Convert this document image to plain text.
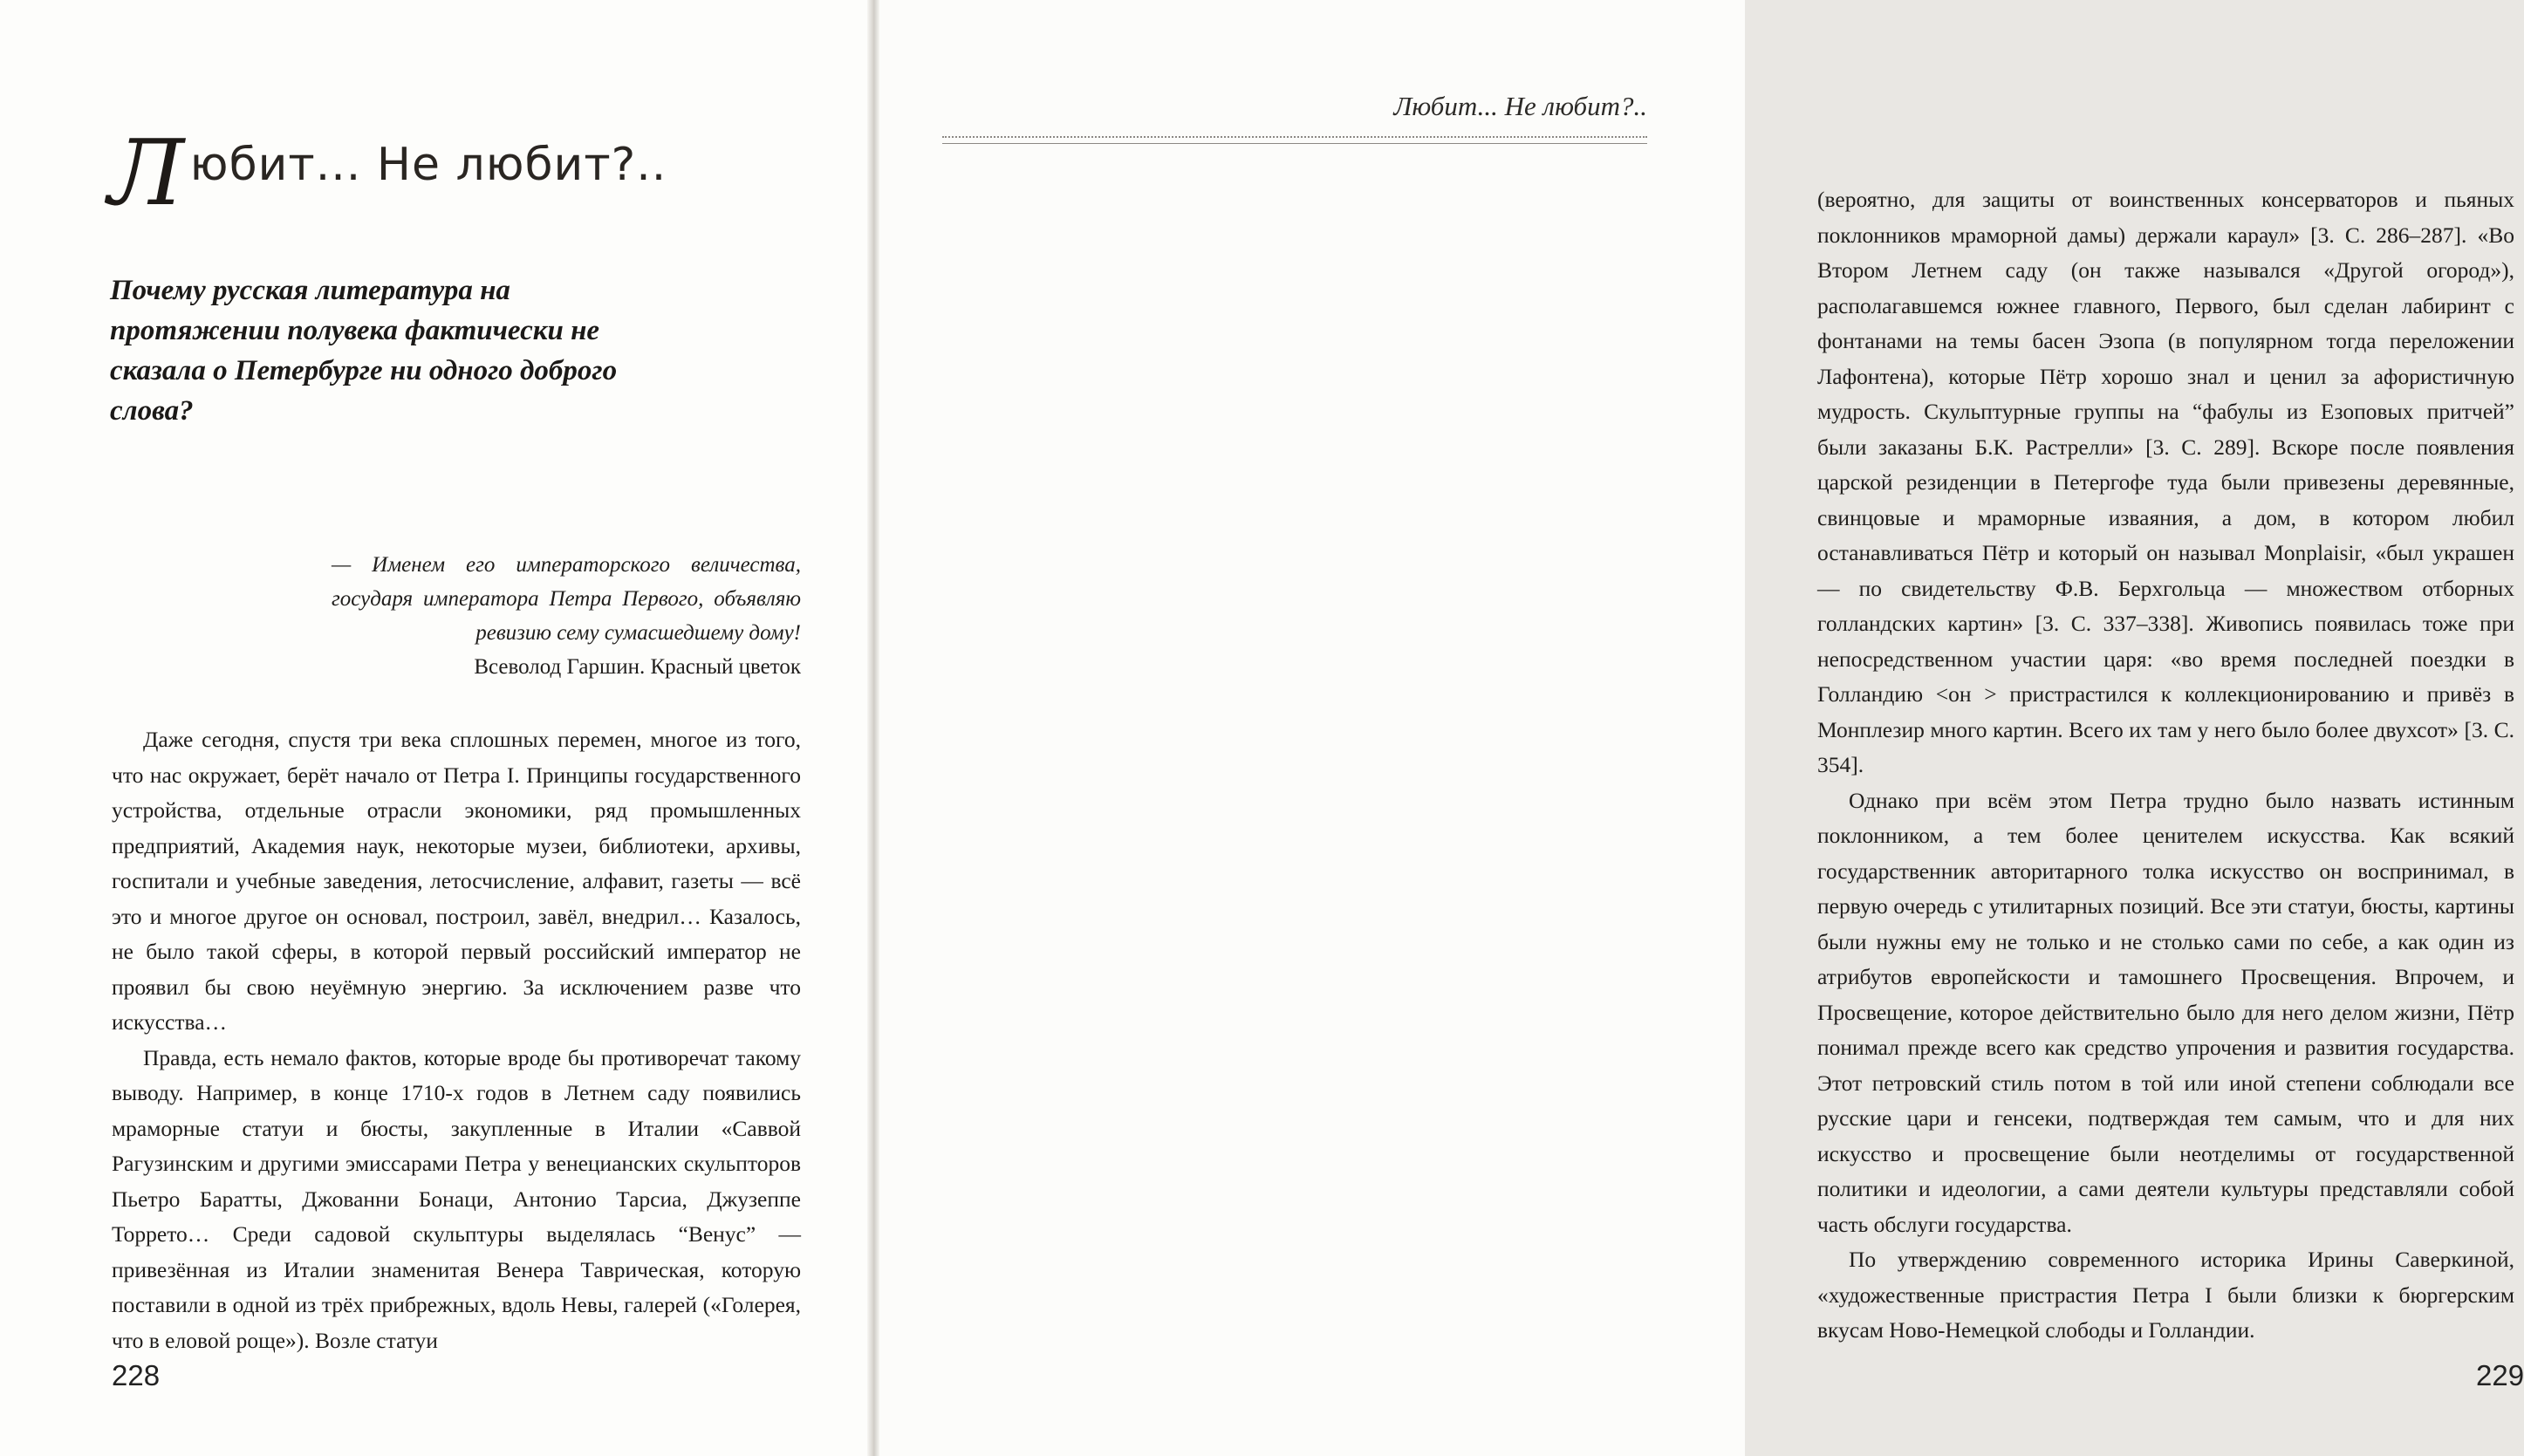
Любит... Не любит?..
Почему русская литература на протяжении полувека фактически не сказала о Петербурге ни одного доброго слова?
— Именем его императорского величества, государя императора Петра Первого, объявляю ревизию сему сумасшедшему дому!
Всеволод Гаршин. Красный цветок

Даже сегодня, спустя три века сплошных перемен, многое из того, что нас окружает, берёт начало от Петра I. Принципы государственного устройства, отдельные отрасли экономики, ряд промышленных предприятий, Академия наук, некоторые музеи, библиотеки, архивы, госпитали и учебные заведения, летосчисление, алфавит, газеты — всё это и многое другое он основал, построил, завёл, внедрил… Казалось, не было такой сферы, в которой первый российский император не проявил бы свою неуёмную энергию. За исключением разве что искусства…

Правда, есть немало фактов, которые вроде бы противоречат такому выводу. Например, в конце 1710-х годов в Летнем саду появились мраморные статуи и бюсты, закупленные в Италии «Саввой Рагузинским и другими эмиссарами Петра у венецианских скульпторов Пьетро Баратты, Джованни Бонаци, Антонио Тарсиа, Джузеппе Торрето… Среди садовой скульптуры выделялась “Венус” — привезённая из Италии знаменитая Венера Таврическая, которую поставили в одной из трёх прибрежных, вдоль Невы, галерей («Голерея, что в еловой роще»). Возле статуи

228

(вероятно, для защиты от воинственных консерваторов и пьяных поклонников мраморной дамы) держали караул» [3. С. 286–287]. «Во Втором Летнем саду (он также назывался «Другой огород»), располагавшемся южнее главного, Первого, был сделан лабиринт с фонтанами на темы басен Эзопа (в популярном тогда переложении Лафонтена), которые Пётр хорошо знал и ценил за афористичную мудрость. Скульптурные группы на “фабулы из Езоповых притчей” были заказаны Б.К. Растрелли» [3. С. 289]. Вскоре после появления царской резиденции в Петергофе туда были привезены деревянные, свинцовые и мраморные изваяния, а дом, в котором любил останавливаться Пётр и который он называл Monplaisir, «был украшен — по свидетельству Ф.В. Берхгольца — множеством отборных голландских картин» [3. С. 337–338]. Живопись появилась тоже при непосредственном участии царя: «во время последней поездки в Голландию <он > пристрастился к коллекционированию и привёз в Монплезир много картин. Всего их там у него было более двухсот» [3. С. 354].

Однако при всём этом Петра трудно было назвать истинным поклонником, а тем более ценителем искусства. Как всякий государственник авторитарного толка искусство он воспринимал, в первую очередь с утилитарных позиций. Все эти статуи, бюсты, картины были нужны ему не только и не столько сами по себе, а как один из атрибутов европейскости и тамошнего Просвещения. Впрочем, и Просвещение, которое действительно было для него делом жизни, Пётр понимал прежде всего как средство упрочения и развития государства. Этот петровский стиль потом в той или иной степени соблюдали все русские цари и генсеки, подтверждая тем самым, что и для них искусство и просвещение были неотделимы от государственной политики и идеологии, а сами деятели культуры представляли собой часть обслуги государства.

По утверждению современного историка Ирины Саверкиной, «художественные пристрастия Петра I были близки к бюргерским вкусам Ново-Немецкой слободы и Голландии.

229
Любит... Не любит?..
